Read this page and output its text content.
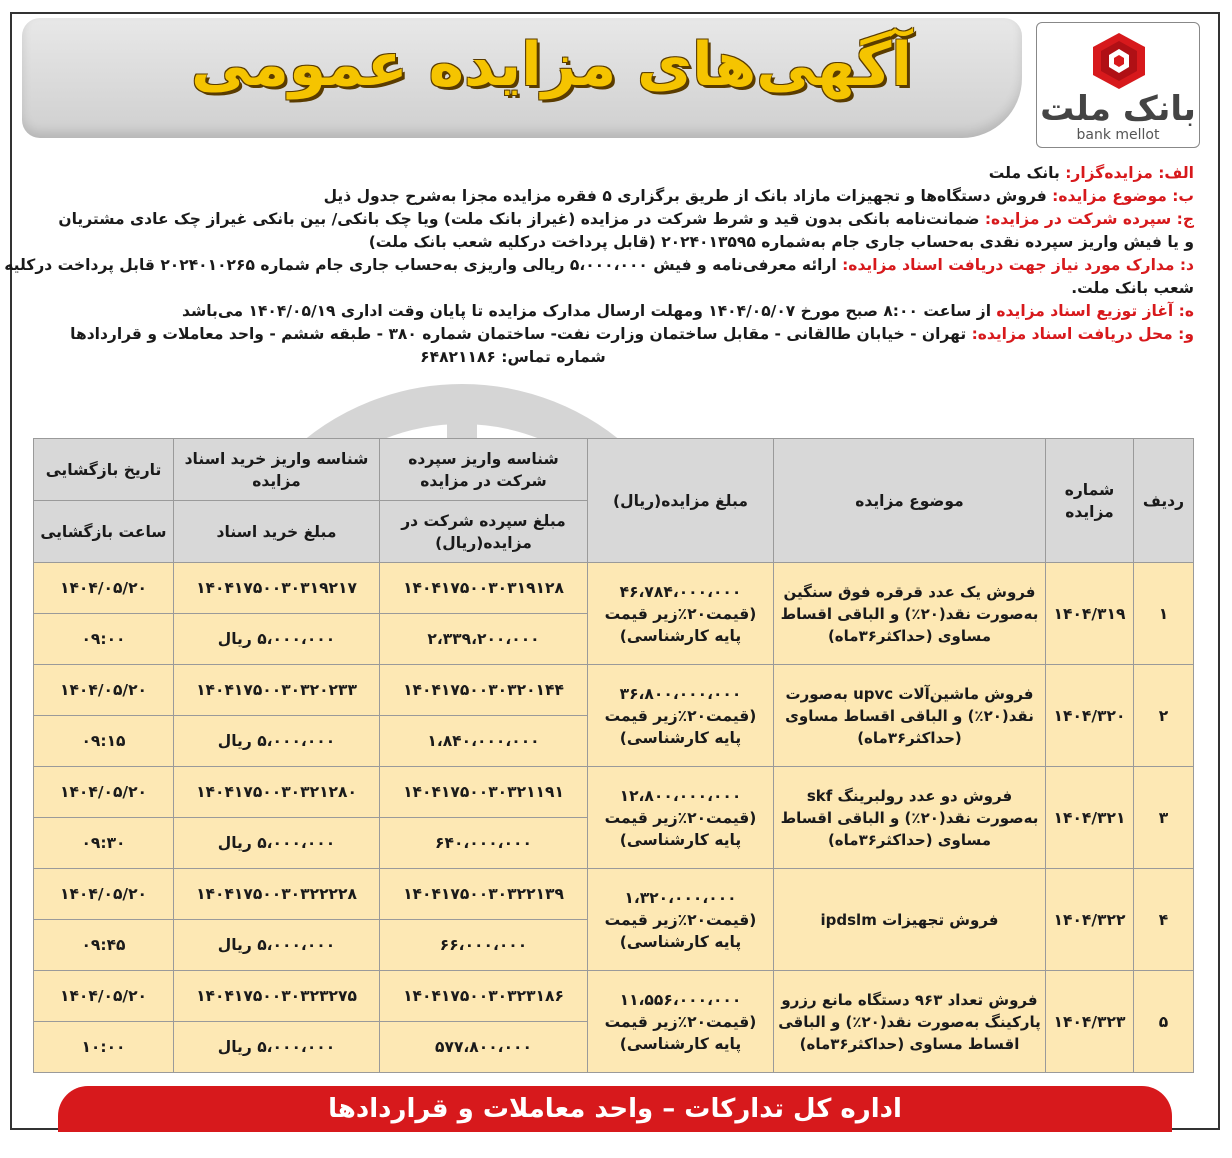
آگهی‌های مزایده عمومی
بانک ملت
bank mellot
الف: مزایده‌گزار: بانک ملت
ب: موضوع مزایده: فروش دستگاه‌ها و تجهیزات مازاد بانک از طریق برگزاری ۵ فقره مزایده مجزا به‌شرح جدول ذیل
ج: سپرده شرکت در مزایده: ضمانت‌نامه بانکی بدون قید و شرط شرکت در مزایده (غیراز بانک ملت) ویا چک بانکی/ بین بانکی غیراز چک عادی مشتریان
و یا فیش واریز سپرده نقدی به‌حساب جاری جام به‌شماره ۲۰۲۴۰۱۳۵۹۵ (قابل پرداخت درکلیه شعب بانک ملت)
د: مدارک مورد نیاز جهت دریافت اسناد مزایده: ارائه معرفی‌نامه و فیش ۵،۰۰۰،۰۰۰ ریالی واریزی به‌حساب جاری جام شماره ۲۰۲۴۰۱۰۲۶۵ قابل پرداخت درکلیه
شعب بانک ملت.
ه: آغاز توزیع اسناد مزایده از ساعت ۸:۰۰ صبح مورخ ۱۴۰۴/۰۵/۰۷ ومهلت ارسال مدارک مزایده تا پایان وقت اداری ۱۴۰۴/۰۵/۱۹ می‌باشد
و: محل دریافت اسناد مزایده: تهران - خیابان طالقانی - مقابل ساختمان وزارت نفت- ساختمان شماره ۳۸۰ - طبقه ششم - واحد معاملات و قراردادها
شماره تماس: ۶۴۸۲۱۱۸۶
ردیف	شماره مزایده	موضوع مزایده	مبلغ مزایده(ریال)	شناسه واریز سپرده شرکت در مزایده	شناسه واریز خرید اسناد مزایده	تاریخ بازگشایی
				مبلغ سپرده شرکت در مزایده(ریال)	مبلغ خرید اسناد	ساعت بازگشایی
۱	۱۴۰۴/۳۱۹	فروش یک عدد قرقره فوق سنگین به‌صورت نقد(۲۰٪) و الباقی اقساط مساوی (حداکثر۳۶ماه)	۴۶،۷۸۴،۰۰۰،۰۰۰
(قیمت۲۰٪زیر قیمت پایه کارشناسی)	۱۴۰۴۱۷۵۰۰۳۰۳۱۹۱۲۸	۱۴۰۴۱۷۵۰۰۳۰۳۱۹۲۱۷	۱۴۰۴/۰۵/۲۰
				۲،۳۳۹،۲۰۰،۰۰۰	۵،۰۰۰،۰۰۰ ریال	۰۹:۰۰
۲	۱۴۰۴/۳۲۰	فروش ماشین‌آلات upvc به‌صورت نقد(۲۰٪) و الباقی اقساط مساوی (حداکثر۳۶ماه)	۳۶،۸۰۰،۰۰۰،۰۰۰
(قیمت۲۰٪زیر قیمت پایه کارشناسی)	۱۴۰۴۱۷۵۰۰۳۰۳۲۰۱۴۴	۱۴۰۴۱۷۵۰۰۳۰۳۲۰۲۳۳	۱۴۰۴/۰۵/۲۰
				۱،۸۴۰،۰۰۰،۰۰۰	۵،۰۰۰،۰۰۰ ریال	۰۹:۱۵
۳	۱۴۰۴/۳۲۱	فروش دو عدد رولبرینگ skf به‌صورت نقد(۲۰٪) و الباقی اقساط مساوی (حداکثر۳۶ماه)	۱۲،۸۰۰،۰۰۰،۰۰۰
(قیمت۲۰٪زیر قیمت پایه کارشناسی)	۱۴۰۴۱۷۵۰۰۳۰۳۲۱۱۹۱	۱۴۰۴۱۷۵۰۰۳۰۳۲۱۲۸۰	۱۴۰۴/۰۵/۲۰
				۶۴۰،۰۰۰،۰۰۰	۵،۰۰۰،۰۰۰ ریال	۰۹:۳۰
۴	۱۴۰۴/۳۲۲	فروش تجهیزات ipdslm	۱،۳۲۰،۰۰۰،۰۰۰
(قیمت۲۰٪زیر قیمت پایه کارشناسی)	۱۴۰۴۱۷۵۰۰۳۰۳۲۲۱۳۹	۱۴۰۴۱۷۵۰۰۳۰۳۲۲۲۲۸	۱۴۰۴/۰۵/۲۰
				۶۶،۰۰۰،۰۰۰	۵،۰۰۰،۰۰۰ ریال	۰۹:۴۵
۵	۱۴۰۴/۳۲۳	فروش تعداد ۹۶۳ دستگاه مانع رزرو پارکینگ به‌صورت نقد(۲۰٪) و الباقی اقساط مساوی (حداکثر۳۶ماه)	۱۱،۵۵۶،۰۰۰،۰۰۰
(قیمت۲۰٪زیر قیمت پایه کارشناسی)	۱۴۰۴۱۷۵۰۰۳۰۳۲۳۱۸۶	۱۴۰۴۱۷۵۰۰۳۰۳۲۳۲۷۵	۱۴۰۴/۰۵/۲۰
				۵۷۷،۸۰۰،۰۰۰	۵،۰۰۰،۰۰۰ ریال	۱۰:۰۰
اداره کل تدارکات – واحد معاملات و قراردادها
